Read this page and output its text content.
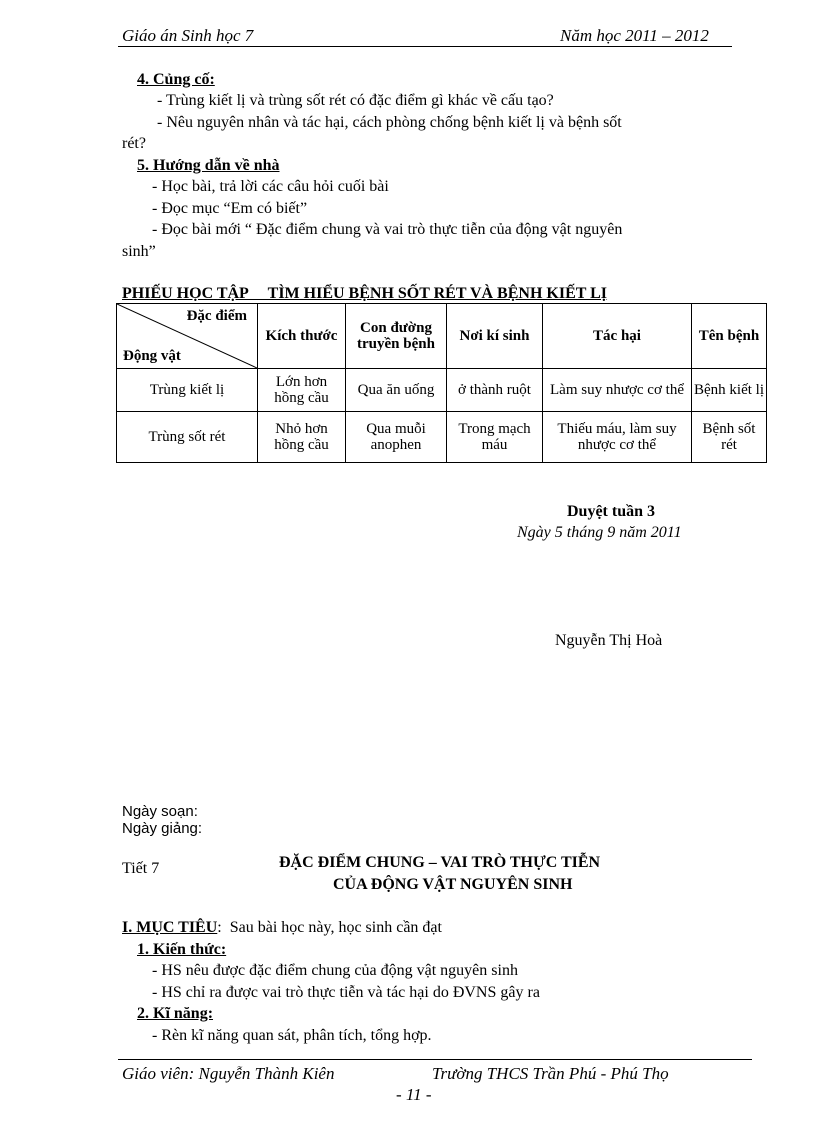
Giáo án Sinh học 7	Năm học 2011 – 2012
4. Củng cố:
- Trùng kiết lị và trùng sốt rét có đặc điểm gì khác về cấu tạo?
- Nêu nguyên nhân và tác hại, cách phòng chống bệnh kiết lị và bệnh sốt
rét?
5. Hướng dẫn về nhà
- Học bài, trả lời các câu hỏi cuối bài
- Đọc mục “Em có biết”
- Đọc bài mới “ Đặc điểm chung và vai trò thực tiễn của động vật nguyên
sinh”
PHIẾU HỌC TẬP     TÌM HIỂU BỆNH SỐT RÉT VÀ BỆNH KIẾT LỊ
Đặc điểm
Động vật	Kích thước	Con đường truyền bệnh	Nơi kí sinh	Tác hại	Tên bệnh
Trùng kiết lị	Lớn hơn hồng cầu	Qua ăn uống	ở thành ruột	Làm suy nhược cơ thể	Bệnh kiết lị
Trùng sốt rét	Nhỏ hơn hồng cầu	Qua muỗi anophen	Trong mạch máu	Thiếu máu, làm suy nhược cơ thể	Bệnh sốt rét
Duyệt tuần 3
Ngày 5 tháng 9 năm 2011
Nguyễn Thị Hoà
Ngày soạn:
Ngày giảng:
Tiết 7	ĐẶC ĐIỂM CHUNG – VAI TRÒ THỰC TIỄN
CỦA ĐỘNG VẬT NGUYÊN SINH
I. MỤC TIÊU:  Sau bài học này, học sinh cần đạt
1. Kiến thức:
- HS nêu được đặc điểm chung của động vật nguyên sinh
- HS chỉ ra được vai trò thực tiễn và tác hại do ĐVNS gây ra
2. Kĩ năng:
- Rèn kĩ năng quan sát, phân tích, tổng hợp.
Giáo viên: Nguyễn Thành Kiên	Trường THCS Trần Phú - Phú Thọ
- 11 -
